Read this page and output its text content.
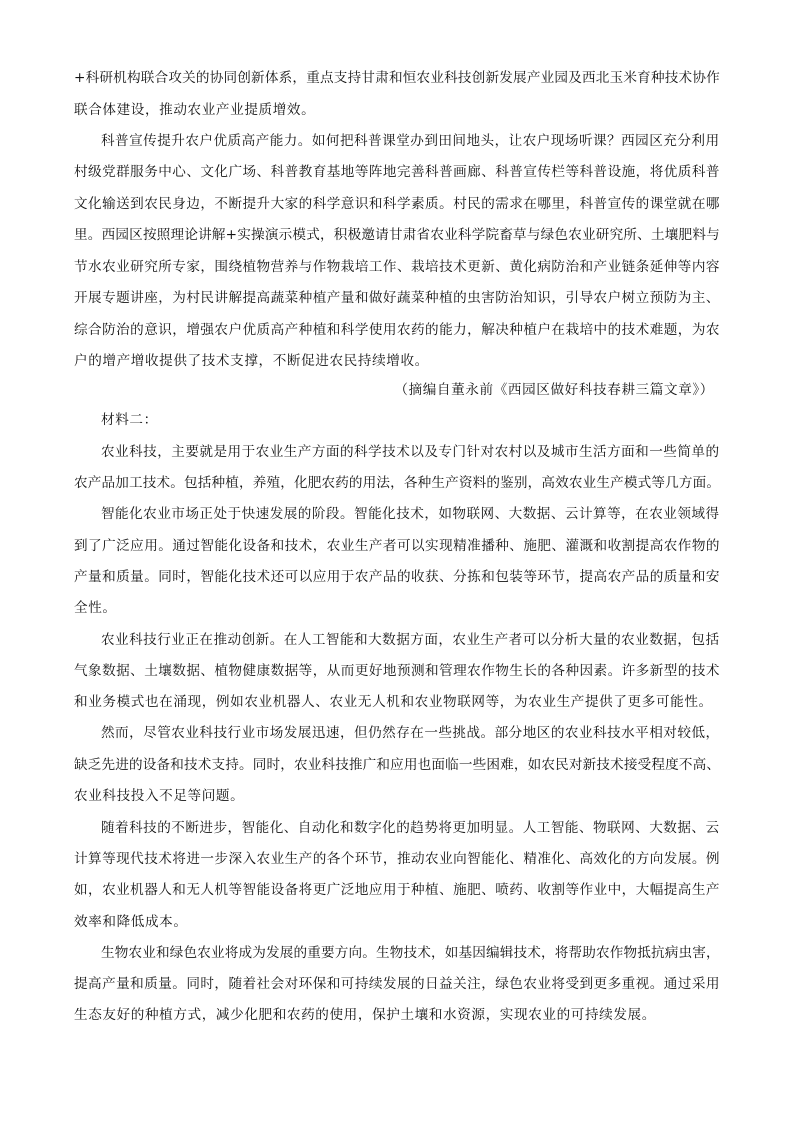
+科研机构联合攻关的协同创新体系，重点支持甘肃和恒农业科技创新发展产业园及西北玉米育种技术协作
联合体建设，推动农业产业提质增效。
科普宣传提升农户优质高产能力。如何把科普课堂办到田间地头，让农户现场听课？西园区充分利用
村级党群服务中心、文化广场、科普教育基地等阵地完善科普画廊、科普宣传栏等科普设施，将优质科普
文化输送到农民身边，不断提升大家的科学意识和科学素质。村民的需求在哪里，科普宣传的课堂就在哪
里。西园区按照理论讲解+实操演示模式，积极邀请甘肃省农业科学院畜草与绿色农业研究所、土壤肥料与
节水农业研究所专家，围绕植物营养与作物栽培工作、栽培技术更新、黄化病防治和产业链条延伸等内容
开展专题讲座，为村民讲解提高蔬菜种植产量和做好蔬菜种植的虫害防治知识，引导农户树立预防为主、
综合防治的意识，增强农户优质高产种植和科学使用农药的能力，解决种植户在栽培中的技术难题，为农
户的增产增收提供了技术支撑，不断促进农民持续增收。
（摘编自董永前《西园区做好科技春耕三篇文章》）
材料二：
农业科技，主要就是用于农业生产方面的科学技术以及专门针对农村以及城市生活方面和一些简单的
农产品加工技术。包括种植，养殖，化肥农药的用法，各种生产资料的鉴别，高效农业生产模式等几方面。
智能化农业市场正处于快速发展的阶段。智能化技术，如物联网、大数据、云计算等，在农业领域得
到了广泛应用。通过智能化设备和技术，农业生产者可以实现精准播种、施肥、灌溉和收割提高农作物的
产量和质量。同时，智能化技术还可以应用于农产品的收获、分拣和包装等环节，提高农产品的质量和安
全性。
农业科技行业正在推动创新。在人工智能和大数据方面，农业生产者可以分析大量的农业数据，包括
气象数据、土壤数据、植物健康数据等，从而更好地预测和管理农作物生长的各种因素。许多新型的技术
和业务模式也在涌现，例如农业机器人、农业无人机和农业物联网等，为农业生产提供了更多可能性。
然而，尽管农业科技行业市场发展迅速，但仍然存在一些挑战。部分地区的农业科技水平相对较低，
缺乏先进的设备和技术支持。同时，农业科技推广和应用也面临一些困难，如农民对新技术接受程度不高、
农业科技投入不足等问题。
随着科技的不断进步，智能化、自动化和数字化的趋势将更加明显。人工智能、物联网、大数据、云
计算等现代技术将进一步深入农业生产的各个环节，推动农业向智能化、精准化、高效化的方向发展。例
如，农业机器人和无人机等智能设备将更广泛地应用于种植、施肥、喷药、收割等作业中，大幅提高生产
效率和降低成本。
生物农业和绿色农业将成为发展的重要方向。生物技术，如基因编辑技术，将帮助农作物抵抗病虫害，
提高产量和质量。同时，随着社会对环保和可持续发展的日益关注，绿色农业将受到更多重视。通过采用
生态友好的种植方式，减少化肥和农药的使用，保护土壤和水资源，实现农业的可持续发展。
